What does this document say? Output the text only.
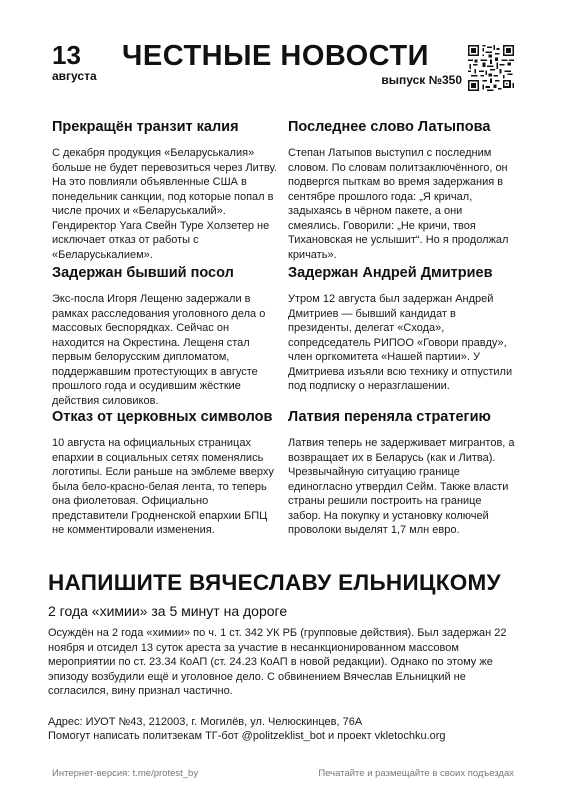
13
августа
ЧЕСТНЫЕ НОВОСТИ
выпуск №350
Прекращён транзит калия

С декабря продукция «Беларуськалия» больше не будет перевозиться через Литву. На это повлияли объявленные США в понедельник санкции, под которые попал в числе прочих и «Беларуськалий». Гендиректор Yara Свейн Туре Холзетер не исключает отказ от работы с «Беларуськалием».

Последнее слово Латыпова

Степан Латыпов выступил с последним словом. По словам политзаключённого, он подвергся пыткам во время задержания в сентябре прошлого года: „Я кричал, задыхаясь в чёрном пакете, а они смеялись. Говорили: „Не кричи, твоя Тихановская не услышит“. Но я продолжал кричать».

Задержан бывший посол

Экс-посла Игоря Лещеню задержали в рамках расследования уголовного дела о массовых беспорядках. Сейчас он находится на Окрестина. Лещеня стал первым белорусским дипломатом, поддержавшим протестующих в августе прошлого года и осудившим жёсткие действия силовиков.

Задержан Андрей Дмитриев

Утром 12 августа был задержан Андрей Дмитриев — бывший кандидат в президенты, делегат «Схода», сопредседатель РИПОО «Говори правду», член оргкомитета «Нашей партии». У Дмитриева изъяли всю технику и отпустили под подписку о неразглашении.

Отказ от церковных символов

10 августа на официальных страницах епархии в социальных сетях поменялись логотипы. Если раньше на эмблеме вверху была бело-красно-белая лента, то теперь она фиолетовая. Официально представители Гродненской епархии БПЦ не комментировали изменения.

Латвия переняла стратегию

Латвия теперь не задерживает мигрантов, а возвращает их в Беларусь (как и Литва). Чрезвычайную ситуацию границе единогласно утвердил Сейм. Также власти страны решили построить на границе забор. На покупку и установку колючей проволоки выделят 1,7 млн евро.

НАПИШИТЕ ВЯЧЕСЛАВУ ЕЛЬНИЦКОМУ
2 года «химии» за 5 минут на дороге

Осуждён на 2 года «химии» по ч. 1 ст. 342 УК РБ (групповые действия). Был задержан 22 ноября и отсидел 13 суток ареста за участие в несанкционированном массовом мероприятии по ст. 23.34 КоАП (ст. 24.23 КоАП в новой редакции). Однако по этому же эпизоду возбудили ещё и уголовное дело. С обвинением Вячеслав Ельницкий не согласился, вину признал частично.

Адрес: ИУОТ №43, 212003, г. Могилёв, ул. Челюскинцев, 76А
Помогут написать политзекам ТГ-бот @politzeklist_bot и проект vkletochku.org

Интернет-версия: t.me/protest_by	Печатайте и размещайте в своих подъездах
